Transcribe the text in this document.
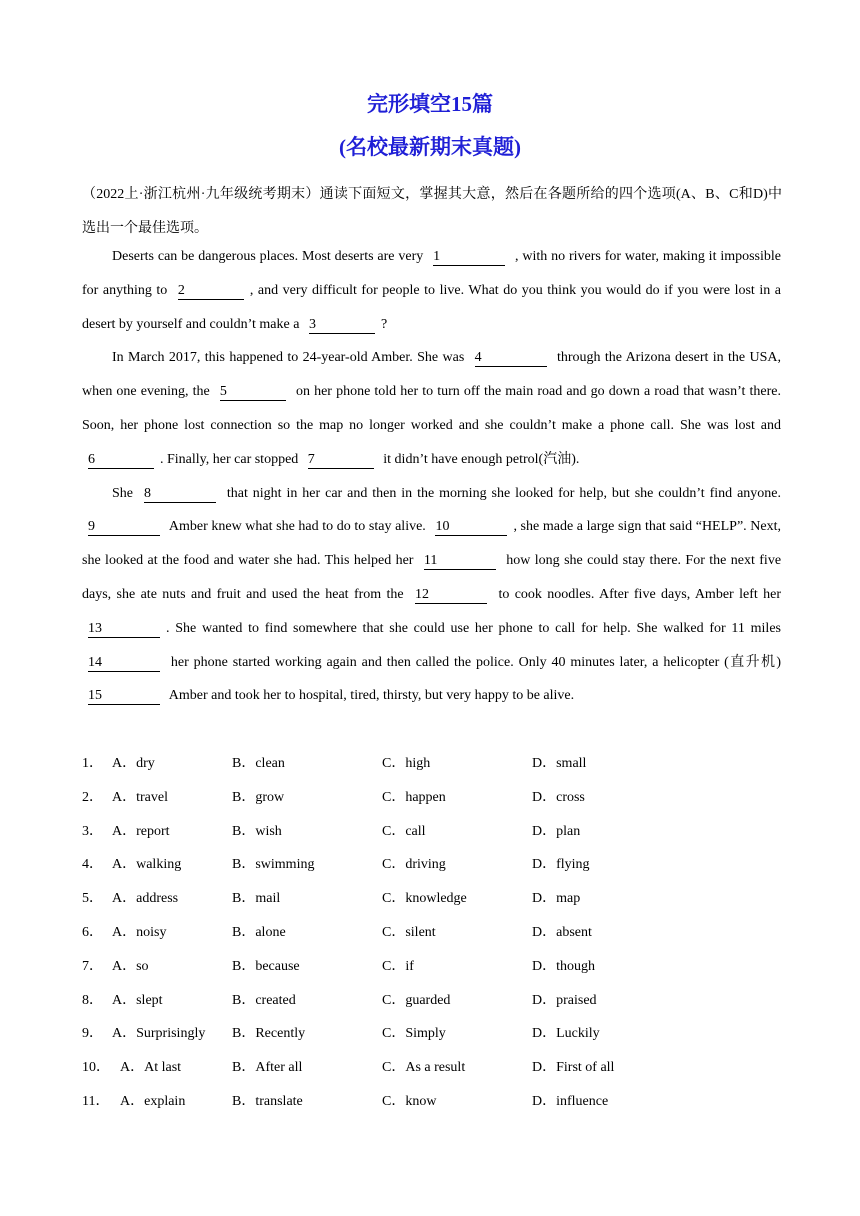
完形填空15篇
(名校最新期末真题)
（2022上·浙江杭州·九年级统考期末）通读下面短文，掌握其大意，然后在各题所给的四个选项(A、B、C和D)中选出一个最佳选项。

Deserts can be dangerous places. Most deserts are very 1	, with no rivers for water, making it impossible for anything to 2	, and very difficult for people to live. What do you think you would do if you were lost in a desert by yourself and couldn’t make a 3	?

In March 2017, this happened to 24-year-old Amber. She was 4	through the Arizona desert in the USA, when one evening, the 5	on her phone told her to turn off the main road and go down a road that wasn’t there. Soon, her phone lost connection so the map no longer worked and she couldn’t make a phone call. She was lost and 6	. Finally, her car stopped 7	it didn’t have enough petrol(汽油).

She 8	that night in her car and then in the morning she looked for help, but she couldn’t find anyone. 9	Amber knew what she had to do to stay alive. 10	, she made a large sign that said “HELP”. Next, she looked at the food and water she had. This helped her 11	how long she could stay there. For the next five days, she ate nuts and fruit and used the heat from the 12	to cook noodles. After five days, Amber left her 13	. She wanted to find somewhere that she could use her phone to call for help. She walked for 11 miles 14	her phone started working again and then called the police. Only 40 minutes later, a helicopter (直升机) 15	Amber and took her to hospital, tired, thirsty, but very happy to be alive.

1． A．dry	B．clean	C．high	D．small
2． A．travel	B．grow	C．happen	D．cross
3． A．report	B．wish	C．call	D．plan
4． A．walking	B．swimming	C．driving	D．flying
5． A．address	B．mail	C．knowledge	D．map
6． A．noisy	B．alone	C．silent	D．absent
7． A．so	B．because	C．if	D．though
8． A．slept	B．created	C．guarded	D．praised
9． A．Surprisingly B．Recently	C．Simply	D．Luckily
10． A．At last	B．After all	C．As a result	D．First of all
11． A．explain	B．translate	C．know	D．influence
